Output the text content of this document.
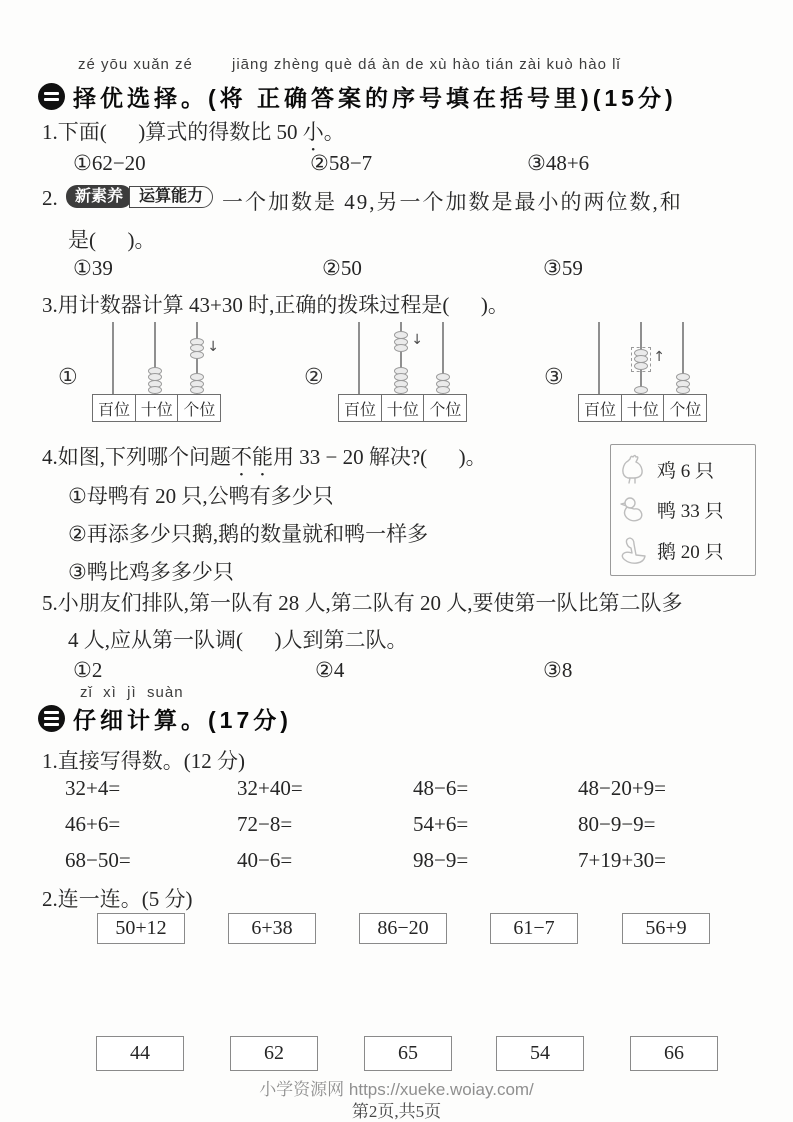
zé yōu xuǎn zé	jiāng zhèng què dá àn de xù hào tián zài kuò hào lǐ
择优选择。(将 正确答案的序号填在括号里)(15分)
1.下面(      )算式的得数比 50 小。
①62−20	②58−7	③48+6
2.	新素养	运算能力 一个加数是 49,另一个加数是最小的两位数,和
是(      )。
①39	②50	③59
3.用计数器计算 43+30 时,正确的拨珠过程是(      )。
①
↓
百位 十位 个位
②
↓
百位 十位 个位
③
↑
百位 十位 个位
4.如图,下列哪个问题不能用 33 − 20 解决?(      )。
①母鸭有 20 只,公鸭有多少只
②再添多少只鹅,鹅的数量就和鸭一样多
③鸭比鸡多多少只
鸡 6 只
鸭 33 只
鹅 20 只
5.小朋友们排队,第一队有 28 人,第二队有 20 人,要使第一队比第二队多
4 人,应从第一队调(      )人到第二队。
①2	②4	③8
zǐ  xì  jì  suàn
仔细计算。(17分)
1.直接写得数。(12 分)
32+4=	32+40=	48−6=	48−20+9=
46+6=	72−8=	54+6=	80−9−9=
68−50=	40−6=	98−9=	7+19+30=
2.连一连。(5 分)
50+12	6+38	86−20	61−7	56+9
44	62	65	54	66
小学资源网 https://xueke.woiay.com/
第2页,共5页
